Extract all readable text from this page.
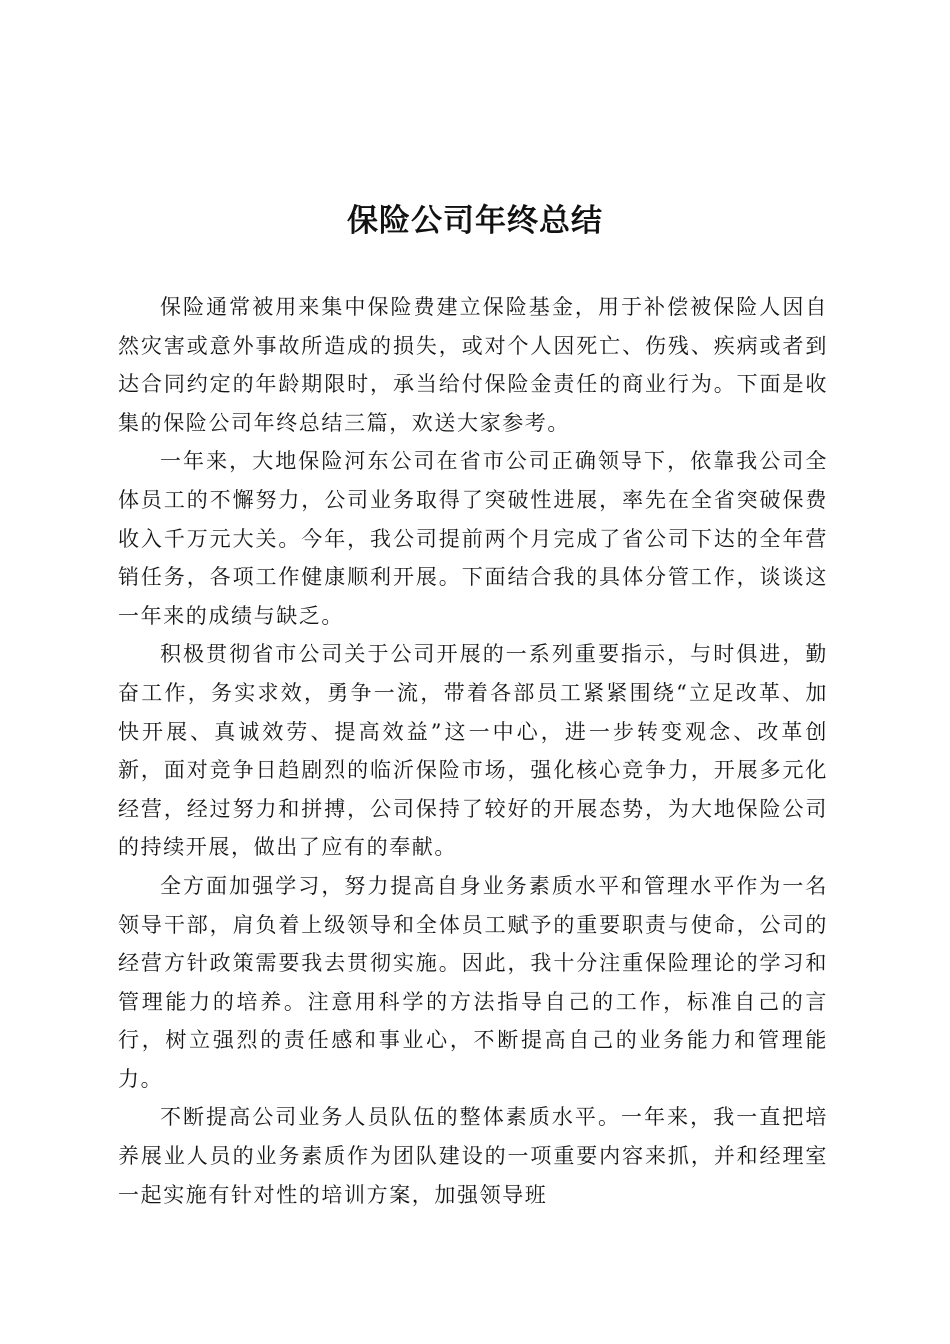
保险公司年终总结

保险通常被用来集中保险费建立保险基金，用于补偿被保险人因自然灾害或意外事故所造成的损失，或对个人因死亡、伤残、疾病或者到达合同约定的年龄期限时，承当给付保险金责任的商业行为。下面是收集的保险公司年终总结三篇，欢送大家参考。

一年来，大地保险河东公司在省市公司正确领导下，依靠我公司全体员工的不懈努力，公司业务取得了突破性进展，率先在全省突破保费收入千万元大关。今年，我公司提前两个月完成了省公司下达的全年营销任务，各项工作健康顺利开展。下面结合我的具体分管工作，谈谈这一年来的成绩与缺乏。

积极贯彻省市公司关于公司开展的一系列重要指示，与时俱进，勤奋工作，务实求效，勇争一流，带着各部员工紧紧围绕“立足改革、加快开展、真诚效劳、提高效益”这一中心，进一步转变观念、改革创新，面对竞争日趋剧烈的临沂保险市场，强化核心竞争力，开展多元化经营，经过努力和拼搏，公司保持了较好的开展态势，为大地保险公司的持续开展，做出了应有的奉献。

全方面加强学习，努力提高自身业务素质水平和管理水平作为一名领导干部，肩负着上级领导和全体员工赋予的重要职责与使命，公司的经营方针政策需要我去贯彻实施。因此，我十分注重保险理论的学习和管理能力的培养。注意用科学的方法指导自己的工作，标准自己的言行，树立强烈的责任感和事业心，不断提高自己的业务能力和管理能力。

不断提高公司业务人员队伍的整体素质水平。一年来，我一直把培养展业人员的业务素质作为团队建设的一项重要内容来抓，并和经理室一起实施有针对性的培训方案，加强领导班
